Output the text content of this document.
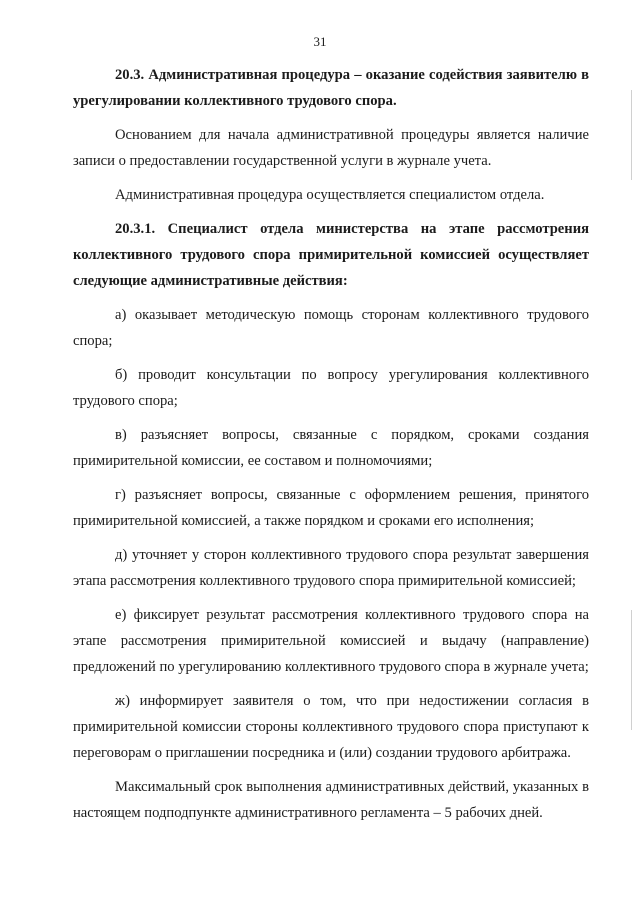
31

20.3. Административная процедура – оказание содействия заявителю в урегулировании коллективного трудового спора.

Основанием для начала административной процедуры является наличие записи о предоставлении государственной услуги в журнале учета.

Административная процедура осуществляется специалистом отдела.

20.3.1. Специалист отдела министерства на этапе рассмотрения коллективного трудового спора примирительной комиссией осуществляет следующие административные действия:

а) оказывает методическую помощь сторонам коллективного трудового спора;

б) проводит консультации по вопросу урегулирования коллективного трудового спора;

в) разъясняет вопросы, связанные с порядком, сроками создания примирительной комиссии, ее составом и полномочиями;

г) разъясняет вопросы, связанные с оформлением решения, принятого примирительной комиссией, а также порядком и сроками его исполнения;

д) уточняет у сторон коллективного трудового спора результат завершения этапа рассмотрения коллективного трудового спора примирительной комиссией;

е) фиксирует результат рассмотрения коллективного трудового спора на этапе рассмотрения примирительной комиссией и выдачу (направление) предложений по урегулированию коллективного трудового спора в журнале учета;

ж) информирует заявителя о том, что при недостижении согласия в примирительной комиссии стороны коллективного трудового спора приступают к переговорам о приглашении посредника и (или) создании трудового арбитража.

Максимальный срок выполнения административных действий, указанных в настоящем подподпункте административного регламента – 5 рабочих дней.
